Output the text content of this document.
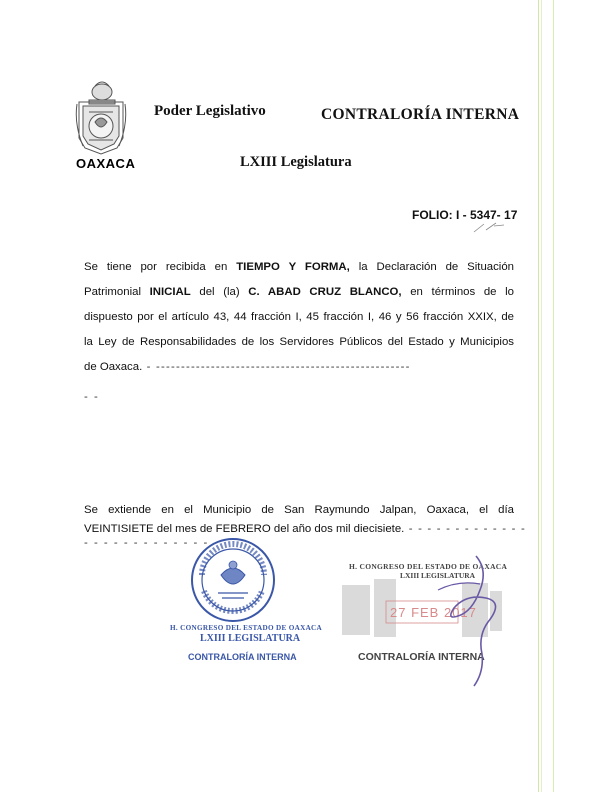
OAXACA
Poder Legislativo	CONTRALORÍA INTERNA
LXIII Legislatura
FOLIO: I - 5347- 17
Se tiene por recibida en TIEMPO Y FORMA, la Declaración de Situación
Patrimonial INICIAL del (la) C. ABAD CRUZ BLANCO, en términos de lo
dispuesto por el artículo 43, 44 fracción I, 45 fracción I, 46 y 56 fracción XXIX, de
la Ley de Responsabilidades de los Servidores Públicos del Estado y Municipios
de Oaxaca. - ---------------------------------------------------
- -
Se extiende en el Municipio de San Raymundo Jalpan, Oaxaca, el día
VEINTISIETE del mes de FEBRERO del año dos mil diecisiete. - - - - - - - - - - - - -
- - - - - - - - - - - - -
H. CONGRESO DEL ESTADO DE OAXACA
LXIII LEGISLATURA
CONTRALORÍA INTERNA
H. CONGRESO DEL ESTADO DE OAXACA
LXIII LEGISLATURA
27 FEB 2017
CONTRALORÍA INTERNA
